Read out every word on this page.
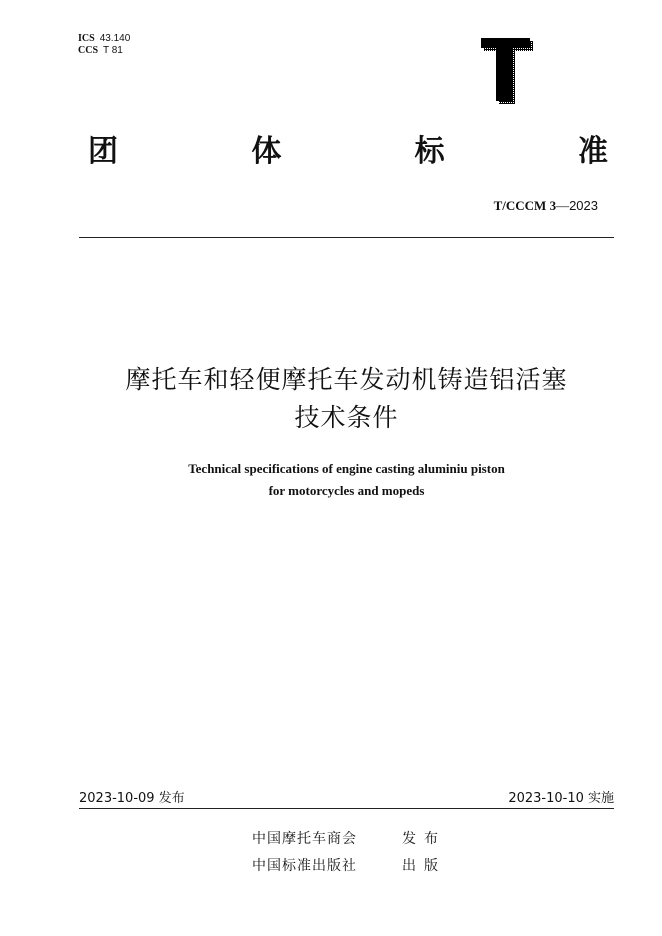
ICS 43.140
CCS T 81
团	体	标	准
T/CCCM 3—2023
摩托车和轻便摩托车发动机铸造铝活塞
技术条件
Technical specifications of engine casting aluminiu piston
for motorcycles and mopeds
2023-10-09 发布	2023-10-10 实施
中国摩托车商会	发布
中国标准出版社	出版
